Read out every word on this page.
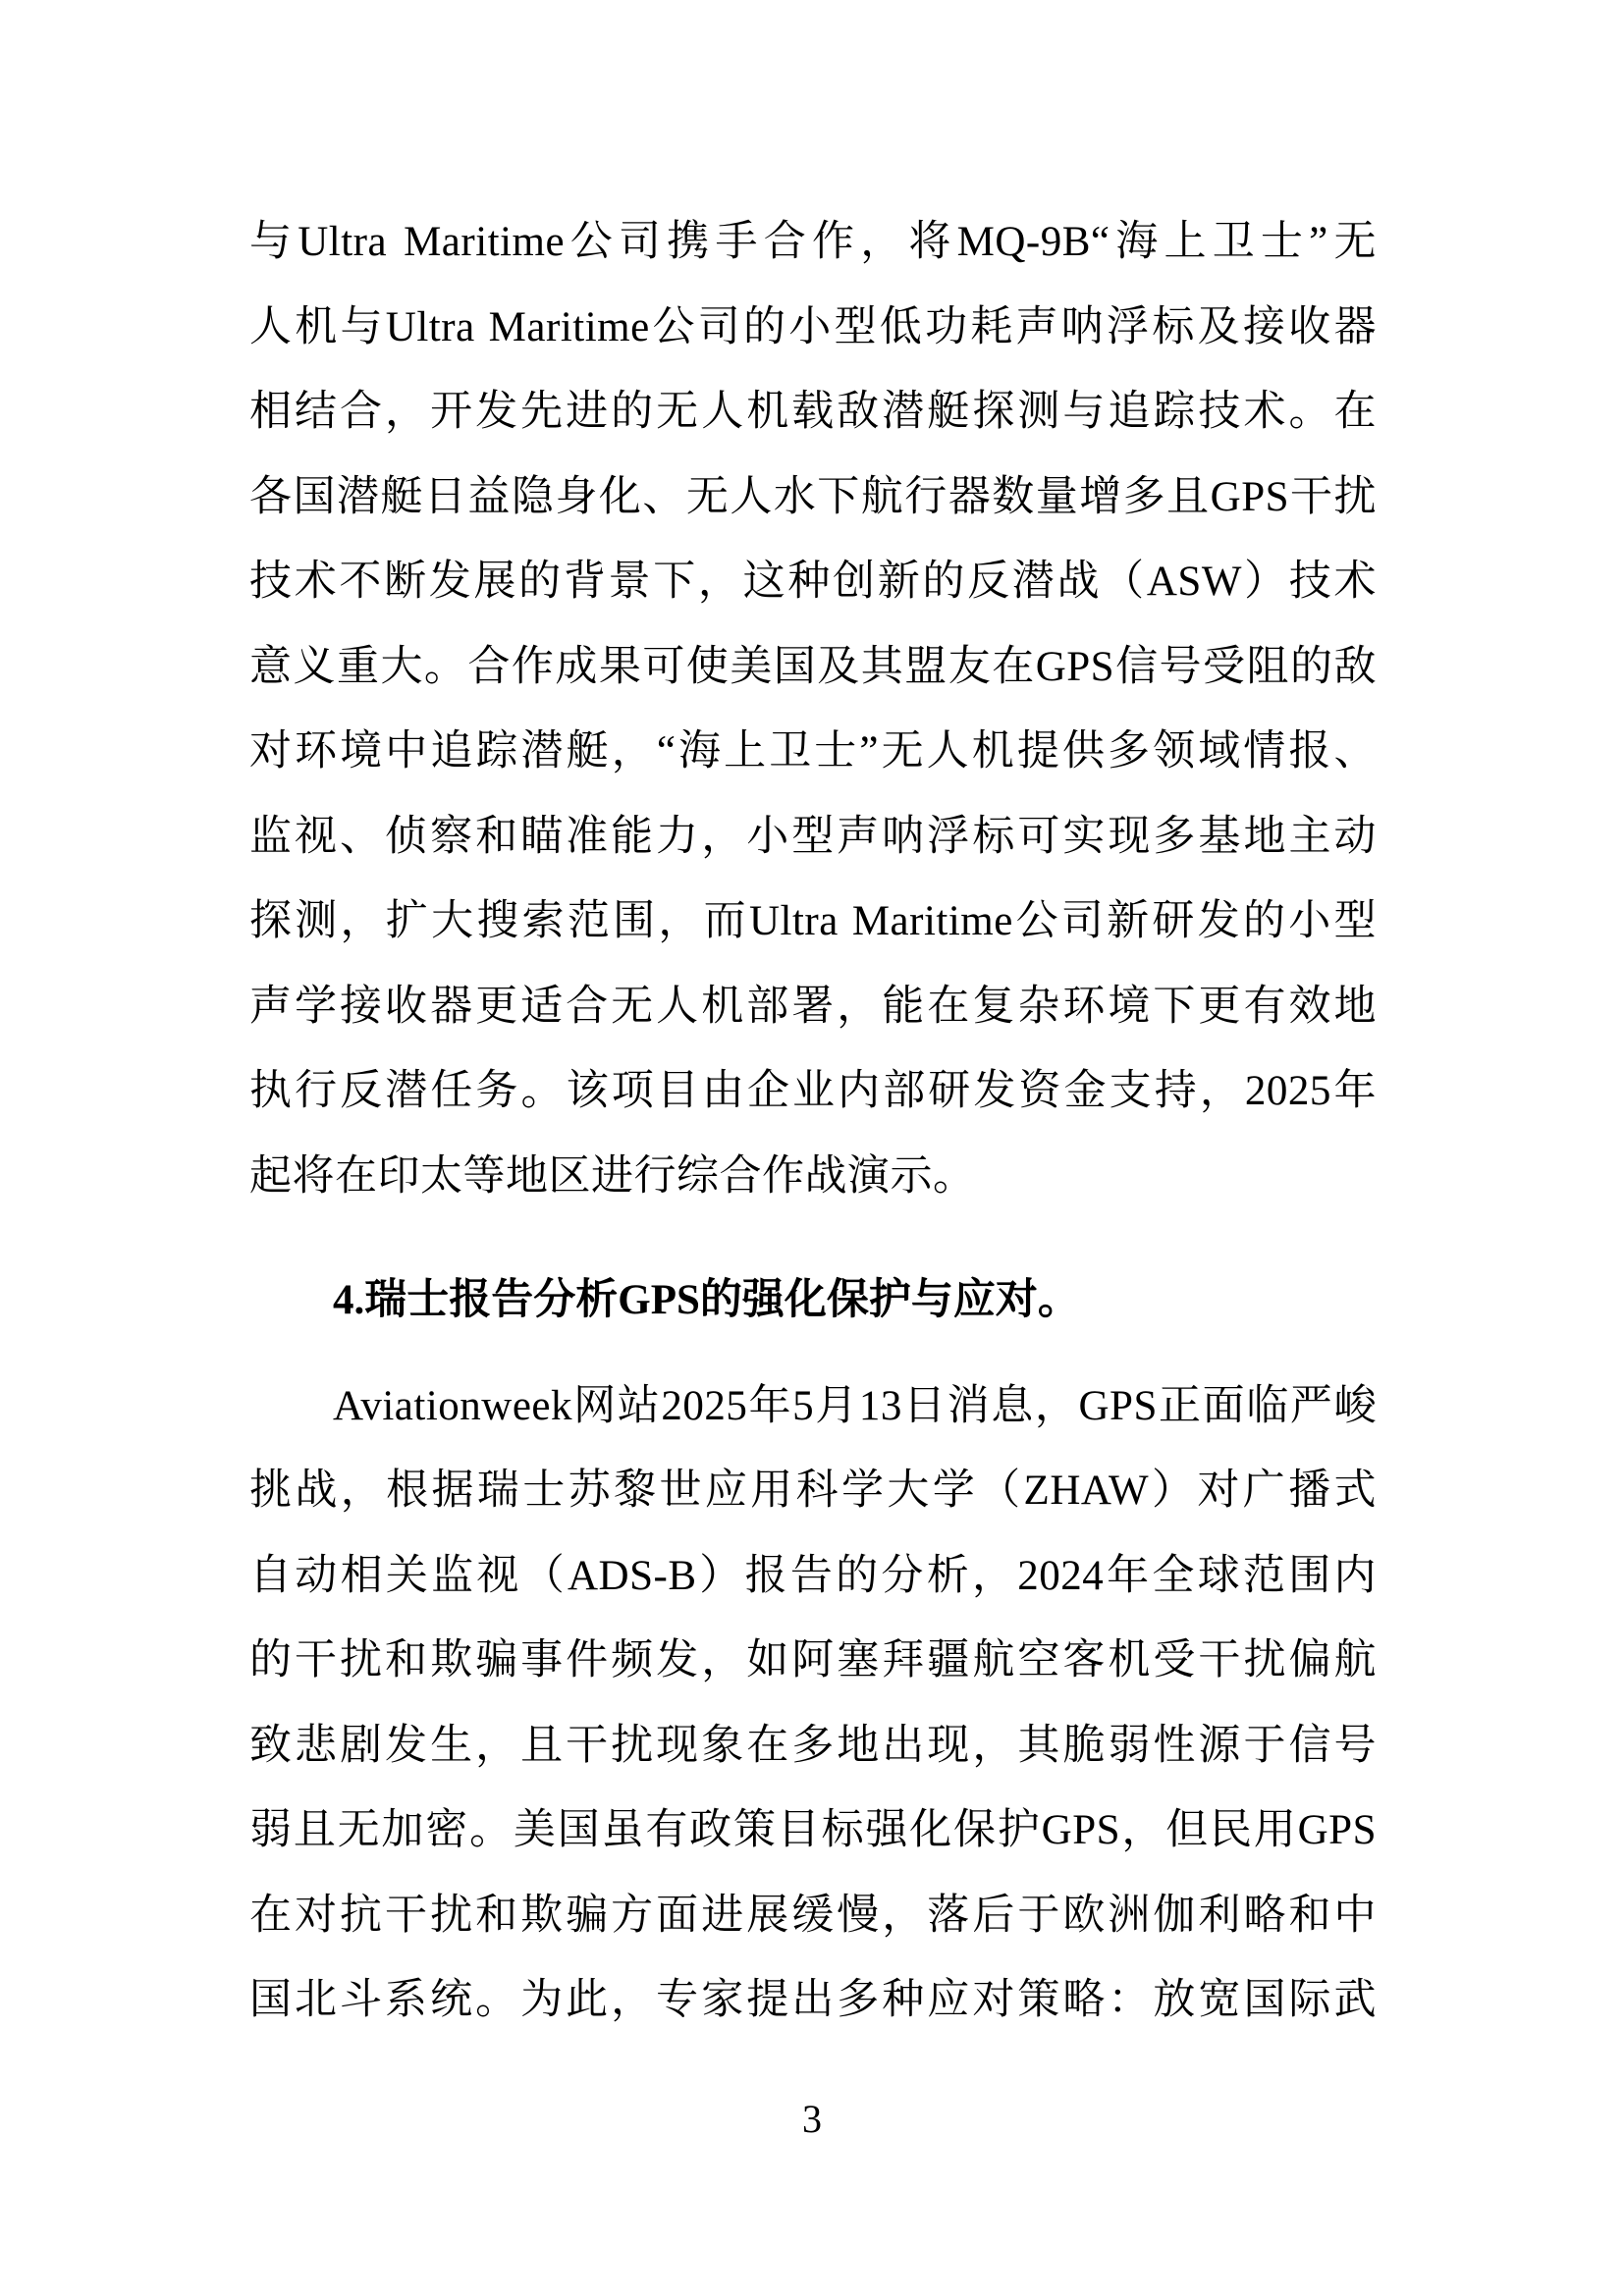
与Ultra Maritime公司携手合作，将MQ-9B“海上卫士”无
人机与Ultra Maritime公司的小型低功耗声呐浮标及接收器
相结合，开发先进的无人机载敌潜艇探测与追踪技术。在
各国潜艇日益隐身化、无人水下航行器数量增多且GPS干扰
技术不断发展的背景下，这种创新的反潜战（ASW）技术
意义重大。合作成果可使美国及其盟友在GPS信号受阻的敌
对环境中追踪潜艇，“海上卫士”无人机提供多领域情报、
监视、侦察和瞄准能力，小型声呐浮标可实现多基地主动
探测，扩大搜索范围，而Ultra Maritime公司新研发的小型
声学接收器更适合无人机部署，能在复杂环境下更有效地
执行反潜任务。该项目由企业内部研发资金支持，2025年
起将在印太等地区进行综合作战演示。
4.瑞士报告分析GPS的强化保护与应对。
Aviationweek网站2025年5月13日消息，GPS正面临严峻
挑战，根据瑞士苏黎世应用科学大学（ZHAW）对广播式
自动相关监视（ADS-B）报告的分析，2024年全球范围内
的干扰和欺骗事件频发，如阿塞拜疆航空客机受干扰偏航
致悲剧发生，且干扰现象在多地出现，其脆弱性源于信号
弱且无加密。美国虽有政策目标强化保护GPS，但民用GPS
在对抗干扰和欺骗方面进展缓慢，落后于欧洲伽利略和中
国北斗系统。为此，专家提出多种应对策略：放宽国际武
3
